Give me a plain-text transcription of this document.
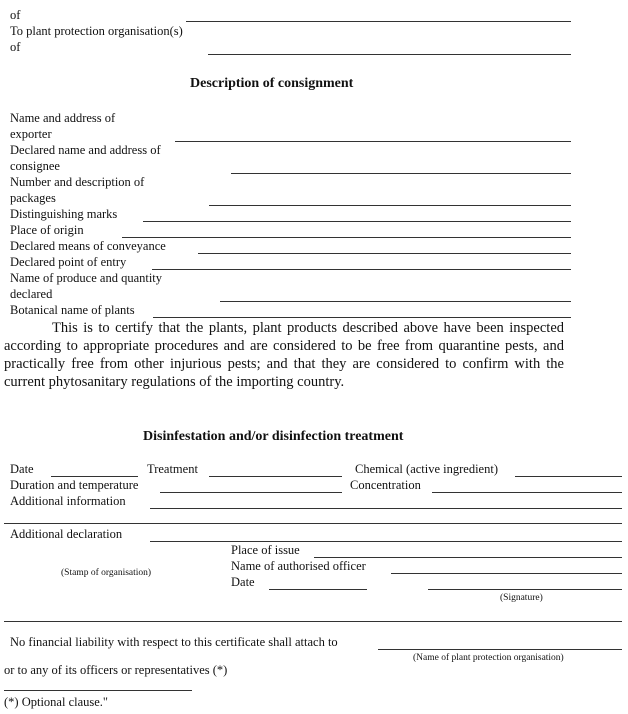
of
To plant protection organisation(s)
of
Description of consignment
Name and address of
exporter
Declared name and address of
consignee
Number and description of
packages
Distinguishing marks
Place of origin
Declared means of conveyance
Declared point of entry
Name of produce and quantity
declared
Botanical name of plants
This is to certify that the plants, plant products described above have been inspected according to appropriate procedures and are considered to be free from quarantine pests, and practically free from other injurious pests; and that they are considered to confirm with the current phytosanitary regulations of the importing country.
Disinfestation and/or disinfection treatment
Date	Treatment	Chemical (active ingredient)
Duration and temperature	Concentration
Additional information
Additional declaration
Place of issue
(Stamp of organisation)	Name of authorised officer
Date
(Signature)
No financial liability with respect to this certificate shall attach to
(Name of plant protection organisation)
or to any of its officers or representatives (*)
(*) Optional clause."
